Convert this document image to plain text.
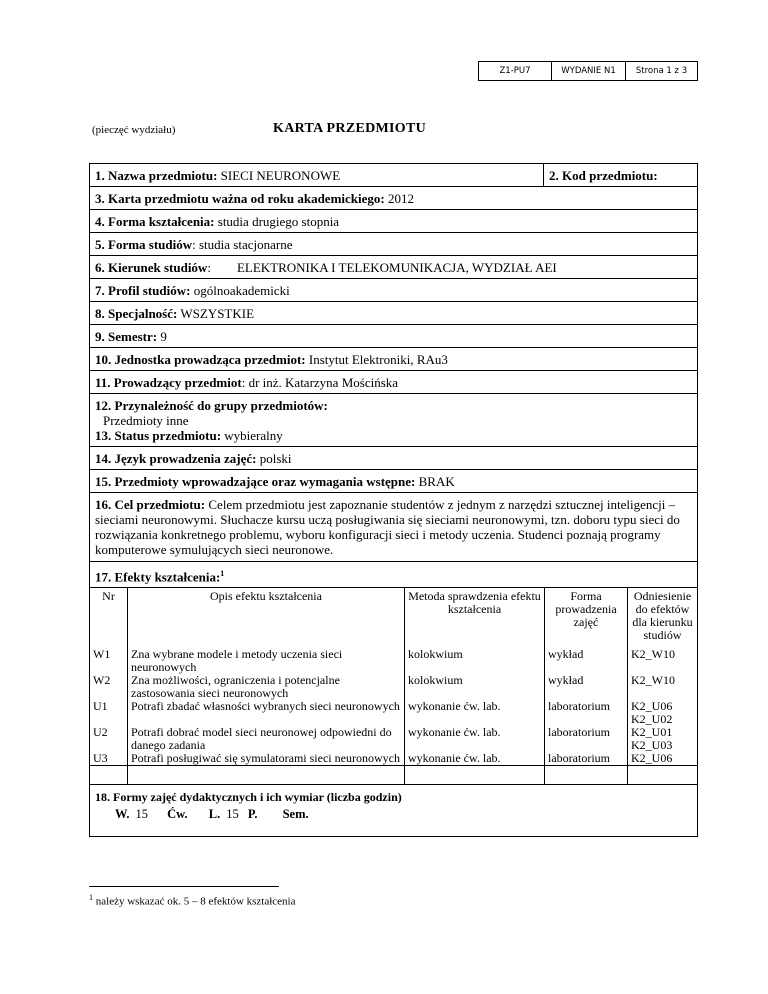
Z1-PU7	WYDANIE N1	Strona 1 z 3
(pieczęć wydziału)	KARTA PRZEDMIOTU
1. Nazwa przedmiotu: SIECI NEURONOWE	2. Kod przedmiotu:
3. Karta przedmiotu ważna od roku akademickiego: 2012
4. Forma kształcenia: studia drugiego stopnia
5. Forma studiów: studia stacjonarne
6. Kierunek studiów:        ELEKTRONIKA I TELEKOMUNIKACJA, WYDZIAŁ AEI
7. Profil studiów: ogólnoakademicki
8. Specjalność: WSZYSTKIE
9. Semestr: 9
10. Jednostka prowadząca przedmiot: Instytut Elektroniki, RAu3
11. Prowadzący przedmiot: dr inż. Katarzyna Mościńska
12. Przynależność do grupy przedmiotów:
Przedmioty inne
13. Status przedmiotu: wybieralny
14. Język prowadzenia zajęć: polski
15. Przedmioty wprowadzające oraz wymagania wstępne: BRAK
16. Cel przedmiotu: Celem przedmiotu jest zapoznanie studentów z jednym z narzędzi sztucznej inteligencji – sieciami neuronowymi. Słuchacze kursu uczą posługiwania się sieciami neuronowymi, tzn. doboru typu sieci do rozwiązania konkretnego problemu, wyboru konfiguracji sieci i metody uczenia. Studenci poznają programy komputerowe symulujących sieci neuronowe.
17. Efekty kształcenia:$^1$
Nr	Opis efektu kształcenia	Metoda sprawdzenia efektu kształcenia	Forma prowadzenia zajęć	Odniesienie do efektów dla kierunku studiów
W1	Zna wybrane modele i metody uczenia sieci neuronowych	kolokwium	wykład	K2_W10
W2	Zna możliwości, ograniczenia i potencjalne zastosowania sieci neuronowych	kolokwium	wykład	K2_W10
U1	Potrafi zbadać własności wybranych sieci neuronowych	wykonanie ćw. lab.	laboratorium	K2_U06
K2_U02
U2	Potrafi dobrać model sieci neuronowej odpowiedni do danego zadania	wykonanie ćw. lab.	laboratorium	K2_U01
K2_U03
U3	Potrafi posługiwać się symulatorami sieci neuronowych	wykonanie ćw. lab.	laboratorium	K2_U06

18. Formy zajęć dydaktycznych i ich wymiar (liczba godzin)
W. 15 Ćw. L. 15 P. Sem.
$^1$ należy wskazać ok. 5 – 8 efektów kształcenia
